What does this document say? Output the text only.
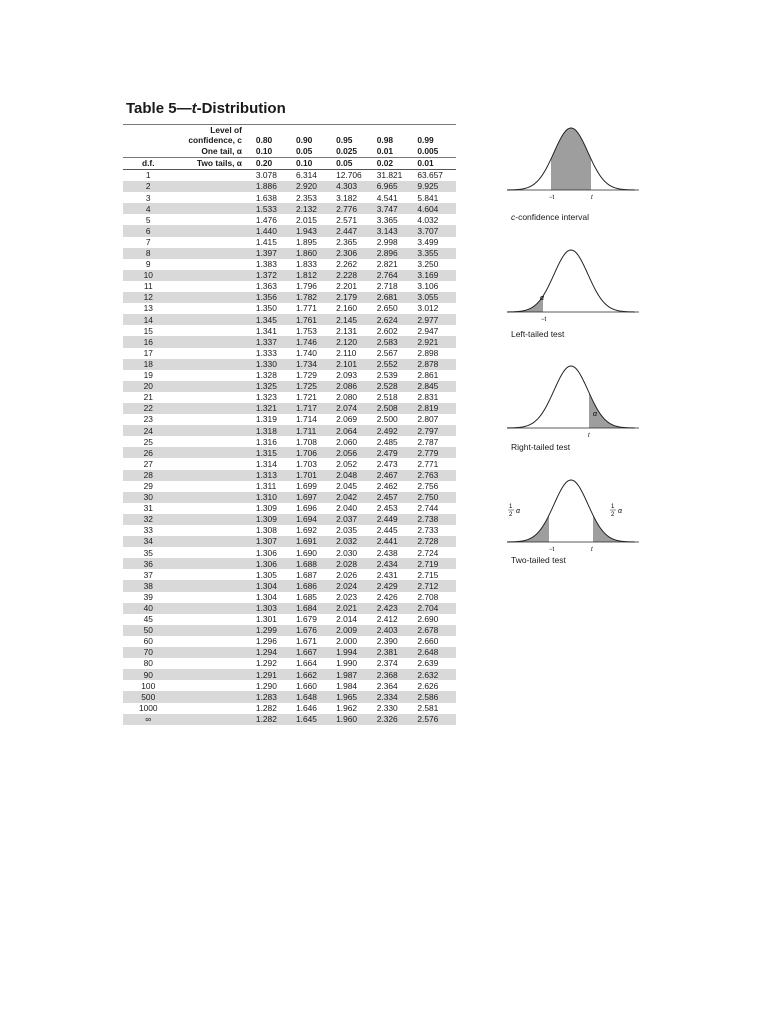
Table 5—t-Distribution
	Level of					
	confidence, c	0.80	0.90	0.95	0.98	0.99
	One tail, α	0.10	0.05	0.025	0.01	0.005
d.f.	Two tails, α	0.20	0.10	0.05	0.02	0.01
1		3.078	6.314	12.706	31.821	63.657
2		1.886	2.920	4.303	6.965	9.925
3		1.638	2.353	3.182	4.541	5.841
4		1.533	2.132	2.776	3.747	4.604
5		1.476	2.015	2.571	3.365	4.032
6		1.440	1.943	2.447	3.143	3.707
7		1.415	1.895	2.365	2.998	3.499
8		1.397	1.860	2.306	2.896	3.355
9		1.383	1.833	2.262	2.821	3.250
10		1.372	1.812	2.228	2.764	3.169
11		1.363	1.796	2.201	2.718	3.106
12		1.356	1.782	2.179	2.681	3.055
13		1.350	1.771	2.160	2.650	3.012
14		1.345	1.761	2.145	2.624	2.977
15		1.341	1.753	2.131	2.602	2.947
16		1.337	1.746	2.120	2.583	2.921
17		1.333	1.740	2.110	2.567	2.898
18		1.330	1.734	2.101	2.552	2.878
19		1.328	1.729	2.093	2.539	2.861
20		1.325	1.725	2.086	2.528	2.845
21		1.323	1.721	2.080	2.518	2.831
22		1.321	1.717	2.074	2.508	2.819
23		1.319	1.714	2.069	2.500	2.807
24		1.318	1.711	2.064	2.492	2.797
25		1.316	1.708	2.060	2.485	2.787
26		1.315	1.706	2.056	2.479	2.779
27		1.314	1.703	2.052	2.473	2.771
28		1.313	1.701	2.048	2.467	2.763
29		1.311	1.699	2.045	2.462	2.756
30		1.310	1.697	2.042	2.457	2.750
31		1.309	1.696	2.040	2.453	2.744
32		1.309	1.694	2.037	2.449	2.738
33		1.308	1.692	2.035	2.445	2.733
34		1.307	1.691	2.032	2.441	2.728
35		1.306	1.690	2.030	2.438	2.724
36		1.306	1.688	2.028	2.434	2.719
37		1.305	1.687	2.026	2.431	2.715
38		1.304	1.686	2.024	2.429	2.712
39		1.304	1.685	2.023	2.426	2.708
40		1.303	1.684	2.021	2.423	2.704
45		1.301	1.679	2.014	2.412	2.690
50		1.299	1.676	2.009	2.403	2.678
60		1.296	1.671	2.000	2.390	2.660
70		1.294	1.667	1.994	2.381	2.648
80		1.292	1.664	1.990	2.374	2.639
90		1.291	1.662	1.987	2.368	2.632
100		1.290	1.660	1.984	2.364	2.626
500		1.283	1.648	1.965	2.334	2.586
1000		1.282	1.646	1.962	2.330	2.581
∞		1.282	1.645	1.960	2.326	2.576
−t	t
c-confidence interval
α
−t
Left-tailed test
α
t
Right-tailed test
1
2 α
1
2 α
−t	t
Two-tailed test
